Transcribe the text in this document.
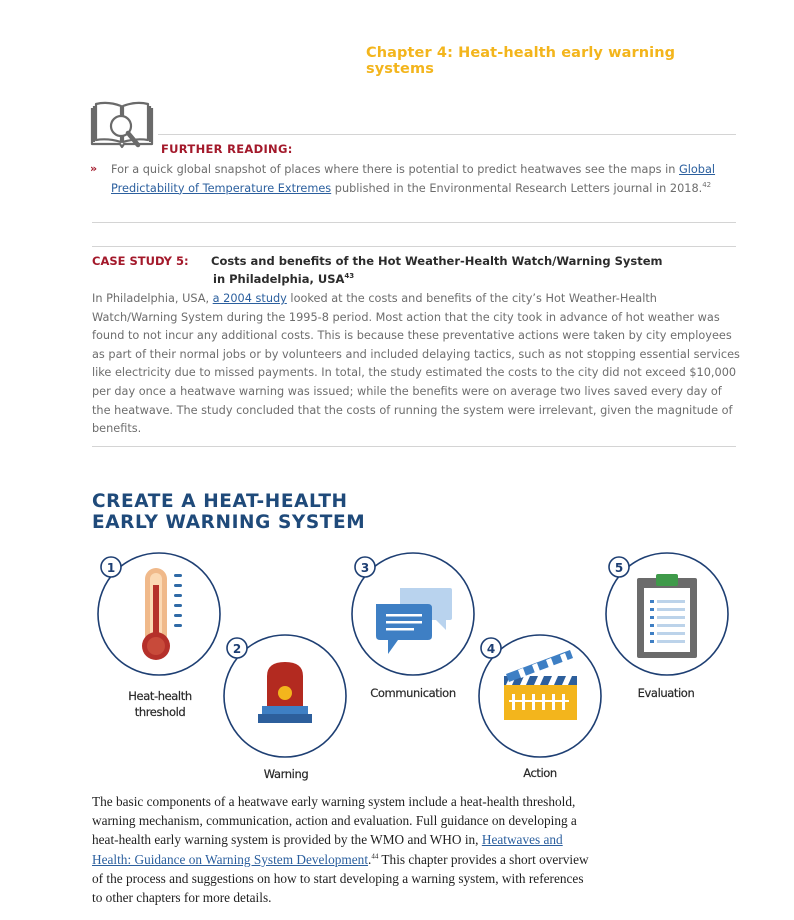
Chapter 4: Heat-health early warning systems
FURTHER READING:
» For a quick global snapshot of places where there is potential to predict heatwaves see the maps in Global Predictability of Temperature Extremes published in the Environmental Research Letters journal in 2018.42
CASE STUDY 5: Costs and benefits of the Hot Weather-Health Watch/Warning System
in Philadelphia, USA$^{43}$
In Philadelphia, USA, a 2004 study looked at the costs and benefits of the city’s Hot Weather-Health Watch/Warning System during the 1995-8 period. Most action that the city took in advance of hot weather was found to not incur any additional costs. This is because these preventative actions were taken by city employees as part of their normal jobs or by volunteers and included delaying tactics, such as not stopping essential services like electricity due to missed payments. In total, the study estimated the costs to the city did not exceed $10,000 per day once a heatwave warning was issued; while the benefits were on average two lives saved every day of the heatwave. The study concluded that the costs of running the system were irrelevant, given the magnitude of benefits.
CREATE A HEAT-HEALTH
EARLY WARNING SYSTEM
1
2
3
4
5
Heat-health
threshold
Warning
Communication
Action
Evaluation
The basic components of a heatwave early warning system include a heat-health threshold, warning mechanism, communication, action and evaluation. Full guidance on developing a heat-health early warning system is provided by the WMO and WHO in, Heatwaves and Health: Guidance on Warning System Development.$^{44}$ This chapter provides a short overview of the process and suggestions on how to start developing a warning system, with references to other chapters for more details.
